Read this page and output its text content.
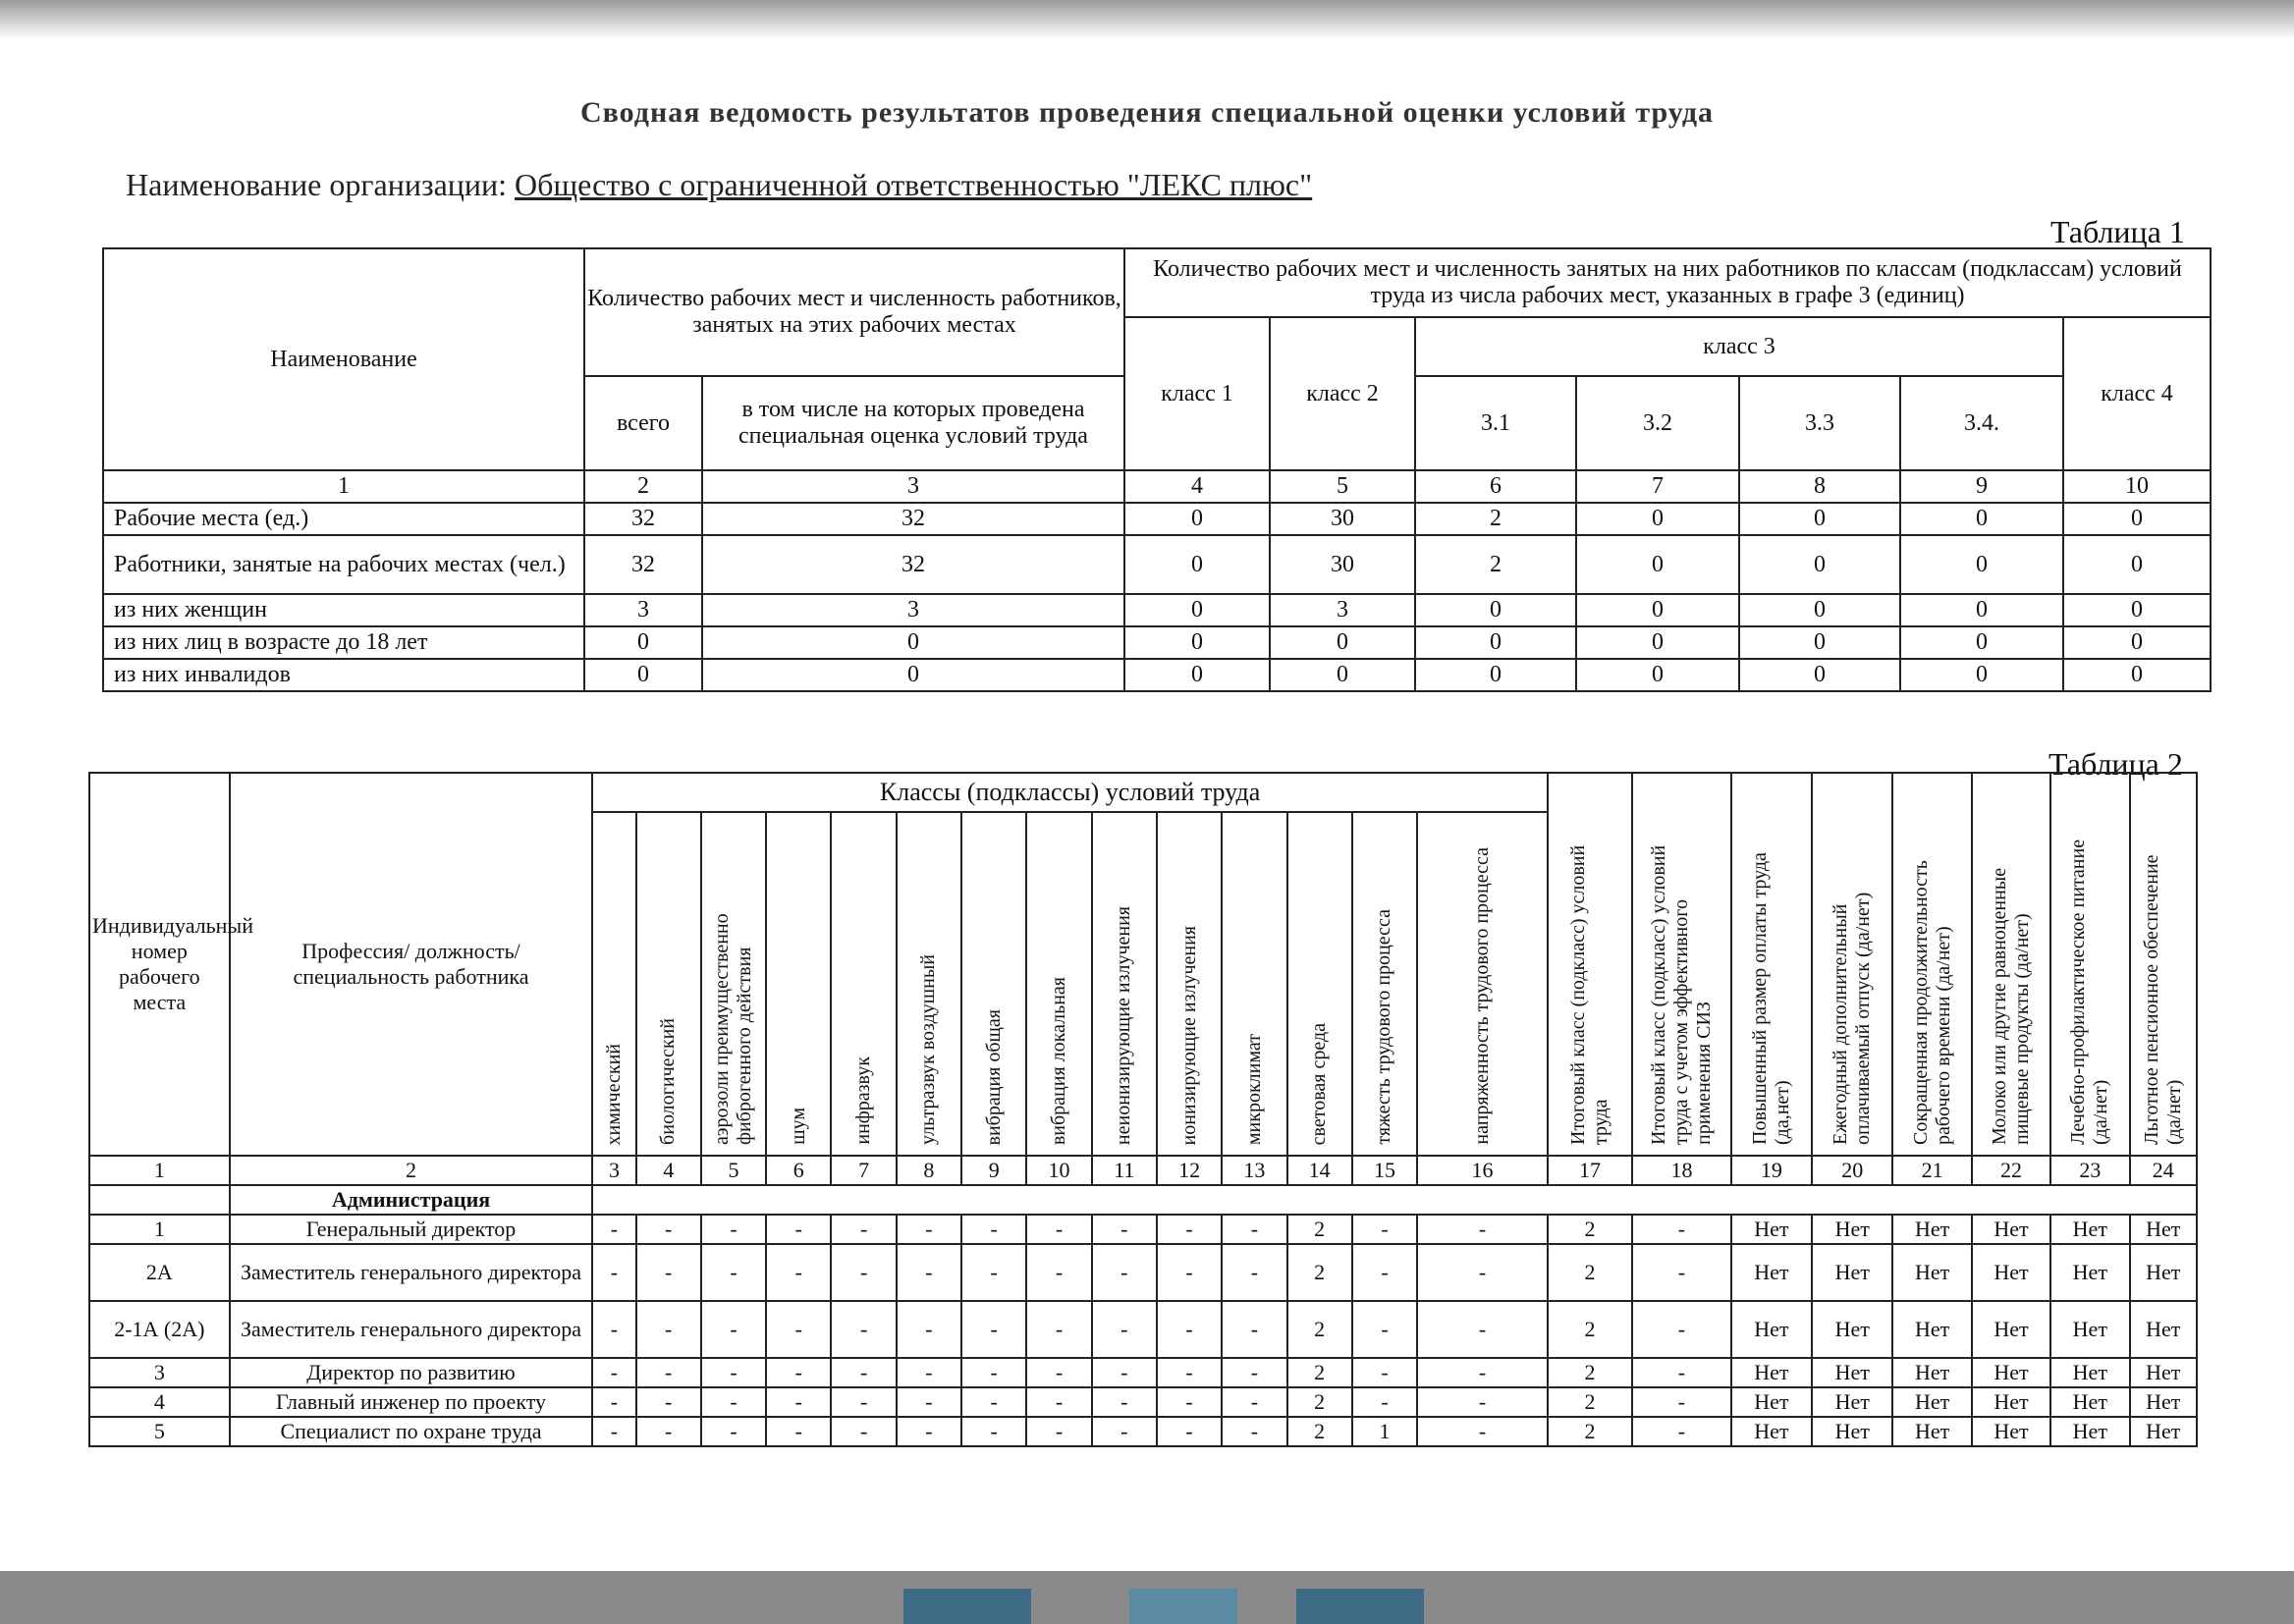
Сводная ведомость результатов проведения специальной оценки условий труда
Наименование организации: Общество с ограниченной ответственностью "ЛЕКС плюс"
Таблица 1
Наименование	Количество рабочих мест и численность работников, занятых на этих рабочих местах		Количество рабочих мест и численность занятых на них работников по классам (подклассам) условий труда из числа рабочих мест, указанных в графе 3 (единиц)						
			класс 1	класс 2	класс 3				класс 4
	всего	в том числе на которых проведена специальная оценка условий труда			3.1	3.2	3.3	3.4.	
1	2	3	4	5	6	7	8	9	10
Рабочие места (ед.)	32	32	0	30	2	0	0	0	0
Работники, занятые на рабочих местах (чел.)	32	32	0	30	2	0	0	0	0
из них женщин	3	3	0	3	0	0	0	0	0
из них лиц в возрасте до 18 лет	0	0	0	0	0	0	0	0	0
из них инвалидов	0	0	0	0	0	0	0	0	0
Таблица 2
Индивидуальный номер рабочего места	Профессия/ должность/ специальность работника	Классы (подклассы) условий труда														Итоговый класс (подкласс) условий труда	Итоговый класс (подкласс) условий труда с учетом эффективного применения СИЗ	Повышенный размер оплаты труда (да,нет)	Ежегодный дополнительный оплачиваемый отпуск (да/нет)	Сокращенная продолжительность рабочего времени (да/нет)	Молоко или другие равноценные пищевые продукты (да/нет)	Лечебно-профилактическое питание (да/нет)	Льготное пенсионное обеспечение (да/нет)
		химический	биологический	аэрозоли преимущественно фиброгенного действия	шум	инфразвук	ультразвук воздушный	вибрация общая	вибрация локальная	неионизирующие излучения	ионизирующие излучения	микроклимат	световая среда	тяжесть трудового процесса	напряженность трудового процесса								
1	2	3	4	5	6	7	8	9	10	11	12	13	14	15	16	17	18	19	20	21	22	23	24
	Администрация																						
1	Генеральный директор	-	-	-	-	-	-	-	-	-	-	-	2	-	-	2	-	Нет	Нет	Нет	Нет	Нет	Нет
2А	Заместитель генерального директора	-	-	-	-	-	-	-	-	-	-	-	2	-	-	2	-	Нет	Нет	Нет	Нет	Нет	Нет
2-1А (2А)	Заместитель генерального директора	-	-	-	-	-	-	-	-	-	-	-	2	-	-	2	-	Нет	Нет	Нет	Нет	Нет	Нет
3	Директор по развитию	-	-	-	-	-	-	-	-	-	-	-	2	-	-	2	-	Нет	Нет	Нет	Нет	Нет	Нет
4	Главный инженер по проекту	-	-	-	-	-	-	-	-	-	-	-	2	-	-	2	-	Нет	Нет	Нет	Нет	Нет	Нет
5	Специалист по охране труда	-	-	-	-	-	-	-	-	-	-	-	2	1	-	2	-	Нет	Нет	Нет	Нет	Нет	Нет
